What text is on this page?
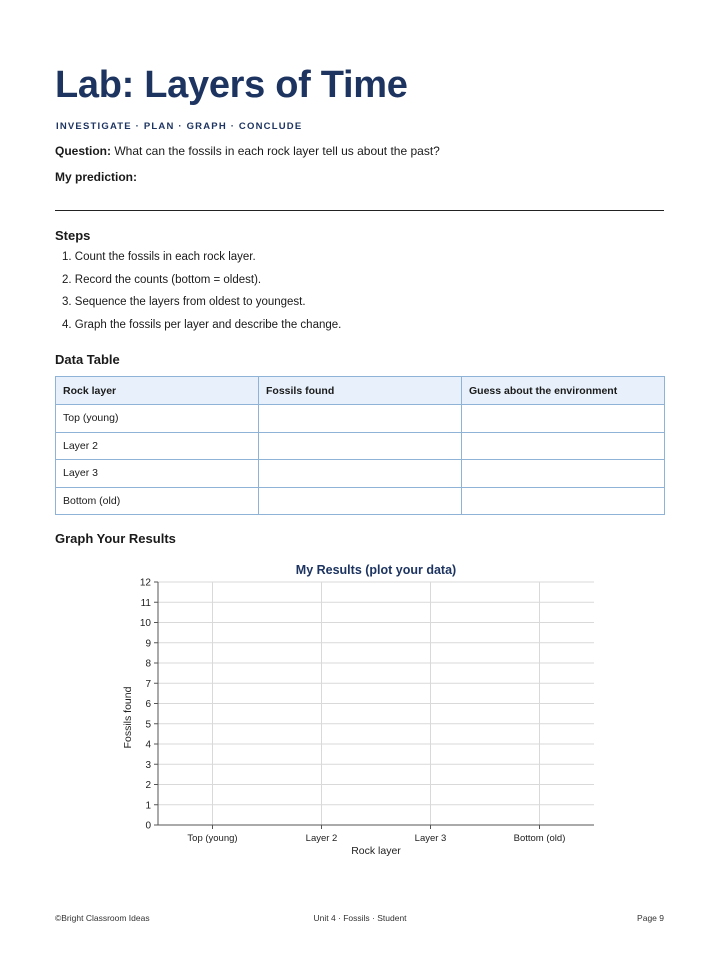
Lab: Layers of Time
INVESTIGATE · PLAN · GRAPH · CONCLUDE
Question: What can the fossils in each rock layer tell us about the past?
My prediction:
Steps
1. Count the fossils in each rock layer.
2. Record the counts (bottom = oldest).
3. Sequence the layers from oldest to youngest.
4. Graph the fossils per layer and describe the change.
Data Table
Rock layer	Fossils found	Guess about the environment
Top (young)		
Layer 2		
Layer 3		
Bottom (old)		
Graph Your Results
My Results (plot your data)
0
1
2
3
4
5
6
7
8
9
10
11
12
Top (young)	Layer 2	Layer 3	Bottom (old)
Rock layer
Fossils found
©Bright Classroom Ideas	Unit 4 · Fossils · Student	Page 9
